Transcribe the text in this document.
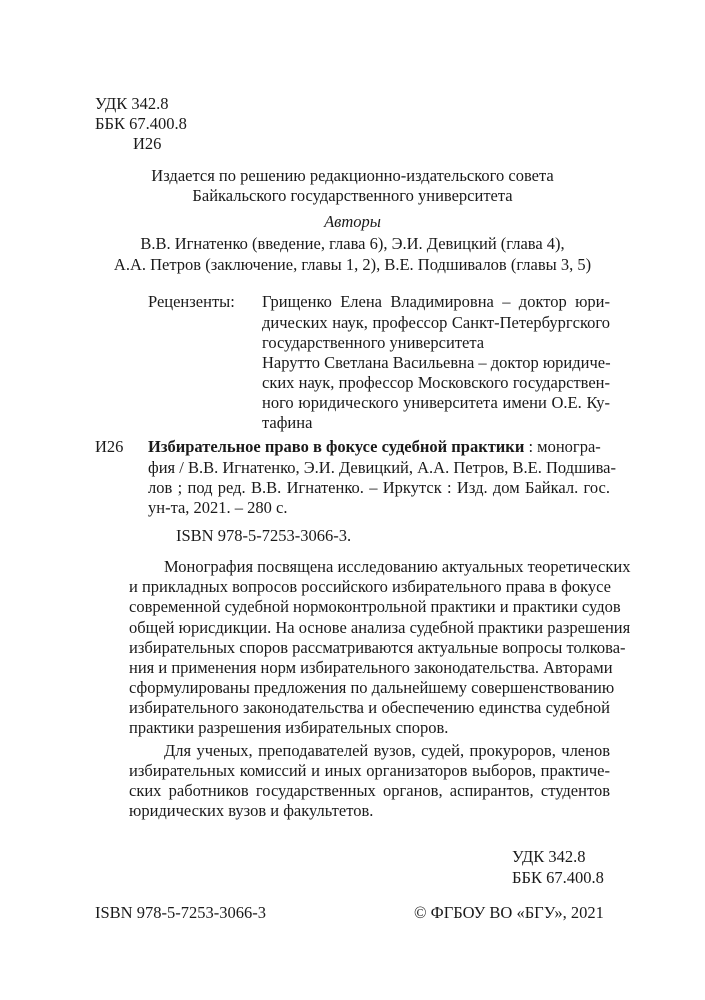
УДК 342.8
ББК 67.400.8
И26
Издается по решению редакционно-издательского совета
Байкальского государственного университета
Авторы
В.В. Игнатенко (введение, глава 6), Э.И. Девицкий (глава 4),
А.А. Петров (заключение, главы 1, 2), В.Е. Подшивалов (главы 3, 5)
Рецензенты: Грищенко Елена Владимировна – доктор юри-
дических наук, профессор Санкт-Петербургского
государственного университета
Нарутто Светлана Васильевна – доктор юридиче-
ских наук, профессор Московского государствен-
ного юридического университета имени О.Е. Ку-
тафина
И26 Избирательное право в фокусе судебной практики : моногра-
фия / В.В. Игнатенко, Э.И. Девицкий, А.А. Петров, В.Е. Подшива-
лов ; под ред. В.В. Игнатенко. – Иркутск : Изд. дом Байкал. гос.
ун-та, 2021. – 280 с.
ISBN 978-5-7253-3066-3.
Монография посвящена исследованию актуальных теоретических
и прикладных вопросов российского избирательного права в фокусе
современной судебной нормоконтрольной практики и практики судов
общей юрисдикции. На основе анализа судебной практики разрешения
избирательных споров рассматриваются актуальные вопросы толкова-
ния и применения норм избирательного законодательства. Авторами
сформулированы предложения по дальнейшему совершенствованию
избирательного законодательства и обеспечению единства судебной
практики разрешения избирательных споров.
Для ученых, преподавателей вузов, судей, прокуроров, членов
избирательных комиссий и иных организаторов выборов, практиче-
ских работников государственных органов, аспирантов, студентов
юридических вузов и факультетов.
УДК 342.8
ББК 67.400.8
ISBN 978-5-7253-3066-3	© ФГБОУ ВО «БГУ», 2021
